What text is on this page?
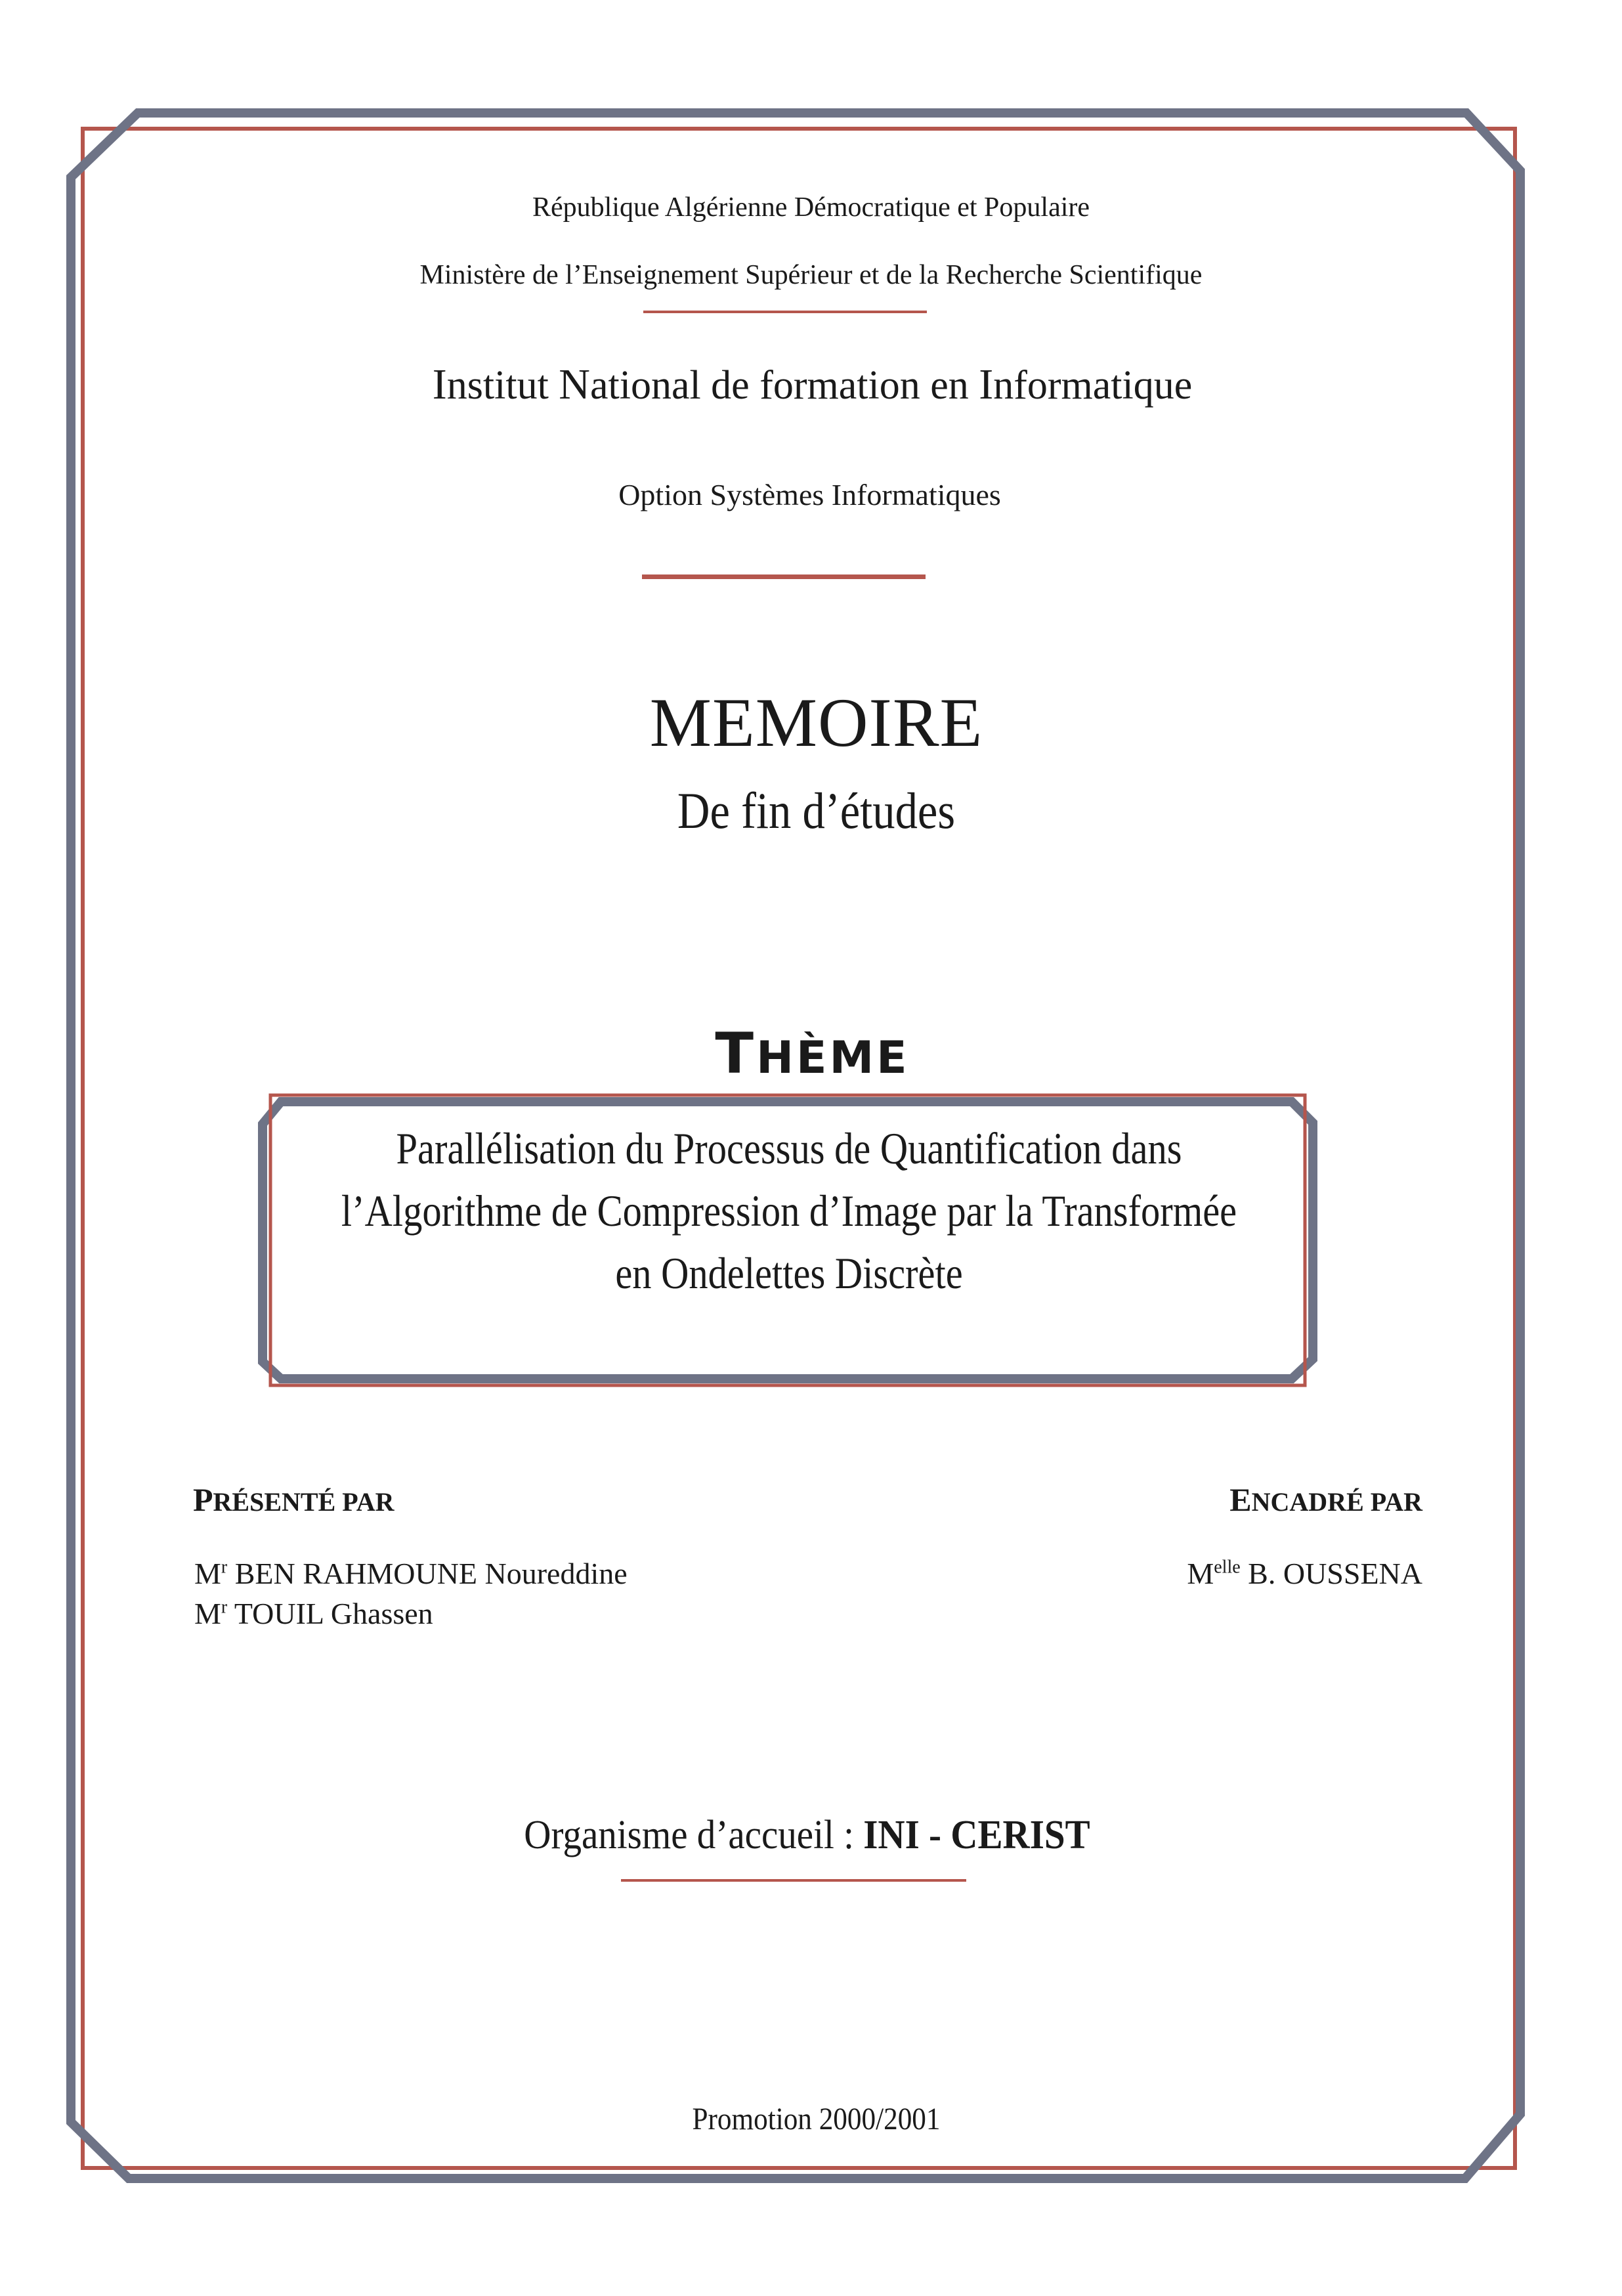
République Algérienne Démocratique et Populaire
Ministère de l’Enseignement Supérieur et de la Recherche Scientifique
Institut National de formation en Informatique
Option Systèmes Informatiques
MEMOIRE
De fin d’études
THÈME
Parallélisation du Processus de Quantification dans
l’Algorithme de Compression d’Image par la Transformée
en Ondelettes Discrète
PRÉSENTÉ PAR
$M^r$ BEN RAHMOUNE Noureddine
$M^r$ TOUIL Ghassen
ENCADRÉ PAR
$M^{elle}$ B. OUSSENA
Organisme d’accueil : INI - CERIST
Promotion 2000/2001
